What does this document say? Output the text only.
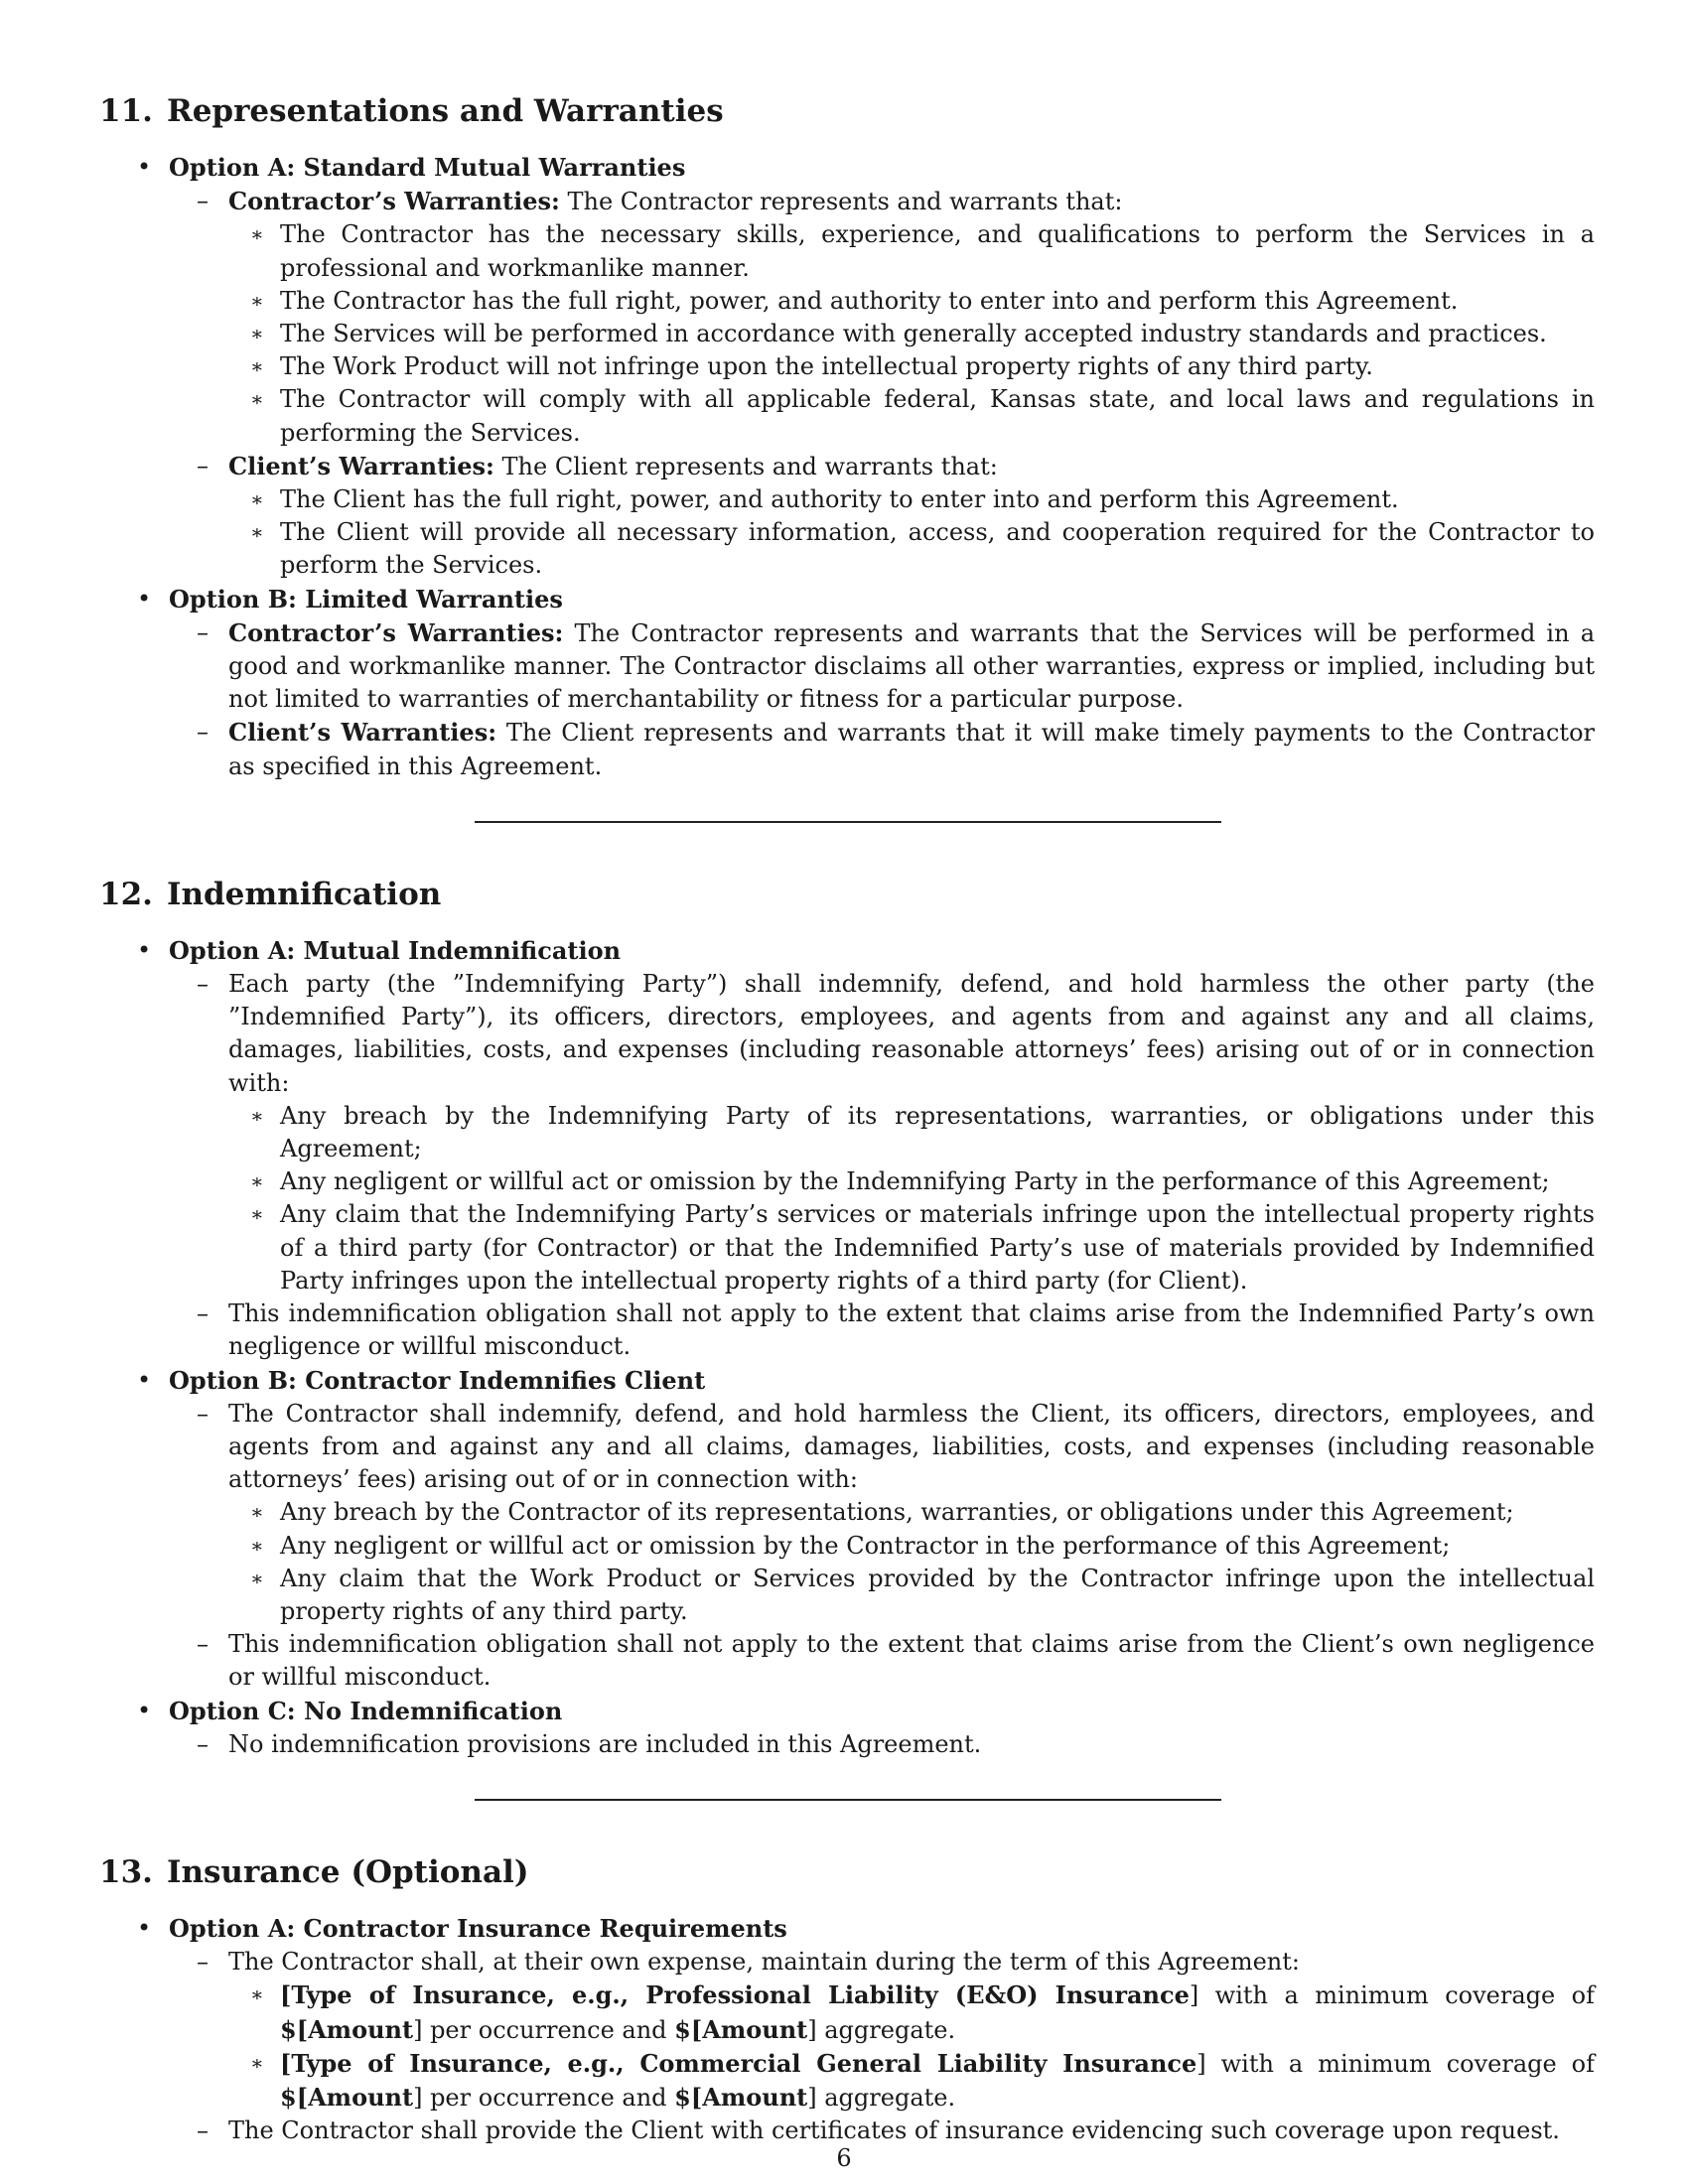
11. Representations and Warranties
• Option A: Standard Mutual Warranties
– Contractor’s Warranties: The Contractor represents and warrants that:
∗ The Contractor has the necessary skills, experience, and qualifications to perform the Services in a professional and workmanlike manner.
∗ The Contractor has the full right, power, and authority to enter into and perform this Agreement.
∗ The Services will be performed in accordance with generally accepted industry standards and practices.
∗ The Work Product will not infringe upon the intellectual property rights of any third party.
∗ The Contractor will comply with all applicable federal, Kansas state, and local laws and regulations in performing the Services.
– Client’s Warranties: The Client represents and warrants that:
∗ The Client has the full right, power, and authority to enter into and perform this Agreement.
∗ The Client will provide all necessary information, access, and cooperation required for the Contractor to perform the Services.
• Option B: Limited Warranties
– Contractor’s Warranties: The Contractor represents and warrants that the Services will be performed in a good and workmanlike manner. The Contractor disclaims all other warranties, express or implied, including but not limited to warranties of merchantability or fitness for a particular purpose.
– Client’s Warranties: The Client represents and warrants that it will make timely payments to the Contractor as specified in this Agreement.
12. Indemnification
• Option A: Mutual Indemnification
– Each party (the ”Indemnifying Party”) shall indemnify, defend, and hold harmless the other party (the ”Indemnified Party”), its officers, directors, employees, and agents from and against any and all claims, damages, liabilities, costs, and expenses (including reasonable attorneys’ fees) arising out of or in connection with:
∗ Any breach by the Indemnifying Party of its representations, warranties, or obligations under this Agreement;
∗ Any negligent or willful act or omission by the Indemnifying Party in the performance of this Agreement;
∗ Any claim that the Indemnifying Party’s services or materials infringe upon the intellectual property rights of a third party (for Contractor) or that the Indemnified Party’s use of materials provided by Indemnified Party infringes upon the intellectual property rights of a third party (for Client).
– This indemnification obligation shall not apply to the extent that claims arise from the Indemnified Party’s own negligence or willful misconduct.
• Option B: Contractor Indemnifies Client
– The Contractor shall indemnify, defend, and hold harmless the Client, its officers, directors, employees, and agents from and against any and all claims, damages, liabilities, costs, and expenses (including reasonable attorneys’ fees) arising out of or in connection with:
∗ Any breach by the Contractor of its representations, warranties, or obligations under this Agreement;
∗ Any negligent or willful act or omission by the Contractor in the performance of this Agreement;
∗ Any claim that the Work Product or Services provided by the Contractor infringe upon the intellectual property rights of any third party.
– This indemnification obligation shall not apply to the extent that claims arise from the Client’s own negligence or willful misconduct.
• Option C: No Indemnification
– No indemnification provisions are included in this Agreement.
13. Insurance (Optional)
• Option A: Contractor Insurance Requirements
– The Contractor shall, at their own expense, maintain during the term of this Agreement:
∗ [Type of Insurance, e.g., Professional Liability (E&O) Insurance] with a minimum coverage of $[Amount] per occurrence and $[Amount] aggregate.
∗ [Type of Insurance, e.g., Commercial General Liability Insurance] with a minimum coverage of $[Amount] per occurrence and $[Amount] aggregate.
– The Contractor shall provide the Client with certificates of insurance evidencing such coverage upon request.
6
